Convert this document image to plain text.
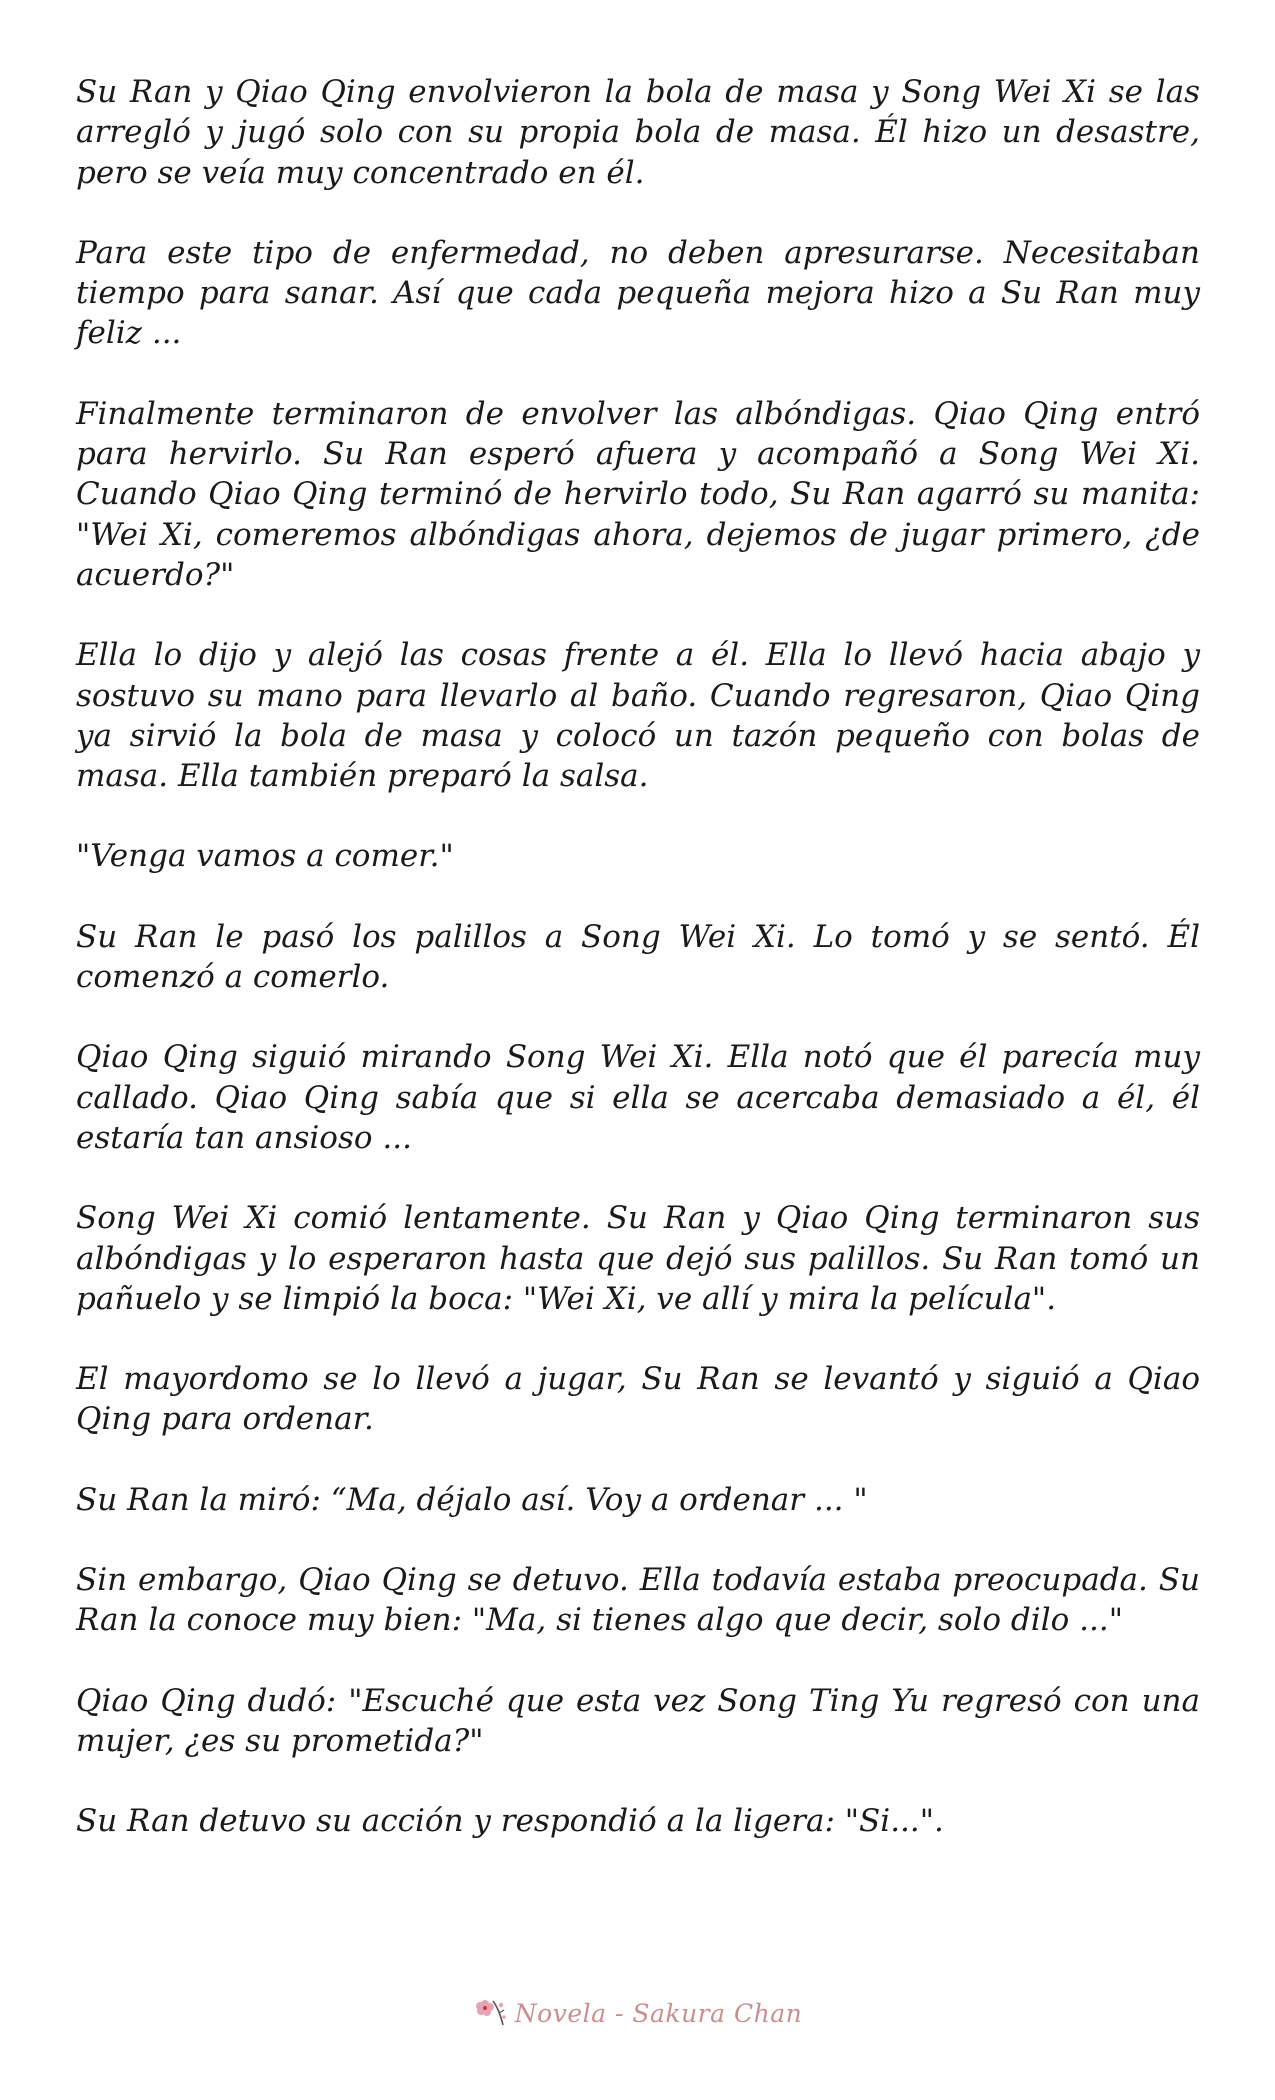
Su Ran y Qiao Qing envolvieron la bola de masa y Song Wei Xi se las arregló y jugó solo con su propia bola de masa. Él hizo un desastre, pero se veía muy concentrado en él.

Para este tipo de enfermedad, no deben apresurarse. Necesitaban tiempo para sanar. Así que cada pequeña mejora hizo a Su Ran muy feliz ...

Finalmente terminaron de envolver las albóndigas. Qiao Qing entró para hervirlo. Su Ran esperó afuera y acompañó a Song Wei Xi. Cuando Qiao Qing terminó de hervirlo todo, Su Ran agarró su manita: "Wei Xi, comeremos albóndigas ahora, dejemos de jugar primero, ¿de acuerdo?"

Ella lo dijo y alejó las cosas frente a él. Ella lo llevó hacia abajo y sostuvo su mano para llevarlo al baño. Cuando regresaron, Qiao Qing ya sirvió la bola de masa y colocó un tazón pequeño con bolas de masa. Ella también preparó la salsa.

"Venga vamos a comer."

Su Ran le pasó los palillos a Song Wei Xi. Lo tomó y se sentó. Él comenzó a comerlo.

Qiao Qing siguió mirando Song Wei Xi. Ella notó que él parecía muy callado. Qiao Qing sabía que si ella se acercaba demasiado a él, él estaría tan ansioso ...

Song Wei Xi comió lentamente. Su Ran y Qiao Qing terminaron sus albóndigas y lo esperaron hasta que dejó sus palillos. Su Ran tomó un pañuelo y se limpió la boca: "Wei Xi, ve allí y mira la película".

El mayordomo se lo llevó a jugar, Su Ran se levantó y siguió a Qiao Qing para ordenar.

Su Ran la miró: “Ma, déjalo así. Voy a ordenar ... "

Sin embargo, Qiao Qing se detuvo. Ella todavía estaba preocupada. Su Ran la conoce muy bien: "Ma, si tienes algo que decir, solo dilo ..."

Qiao Qing dudó: "Escuché que esta vez Song Ting Yu regresó con una mujer, ¿es su prometida?"

Su Ran detuvo su acción y respondió a la ligera: "Si...".

Novela - Sakura Chan
